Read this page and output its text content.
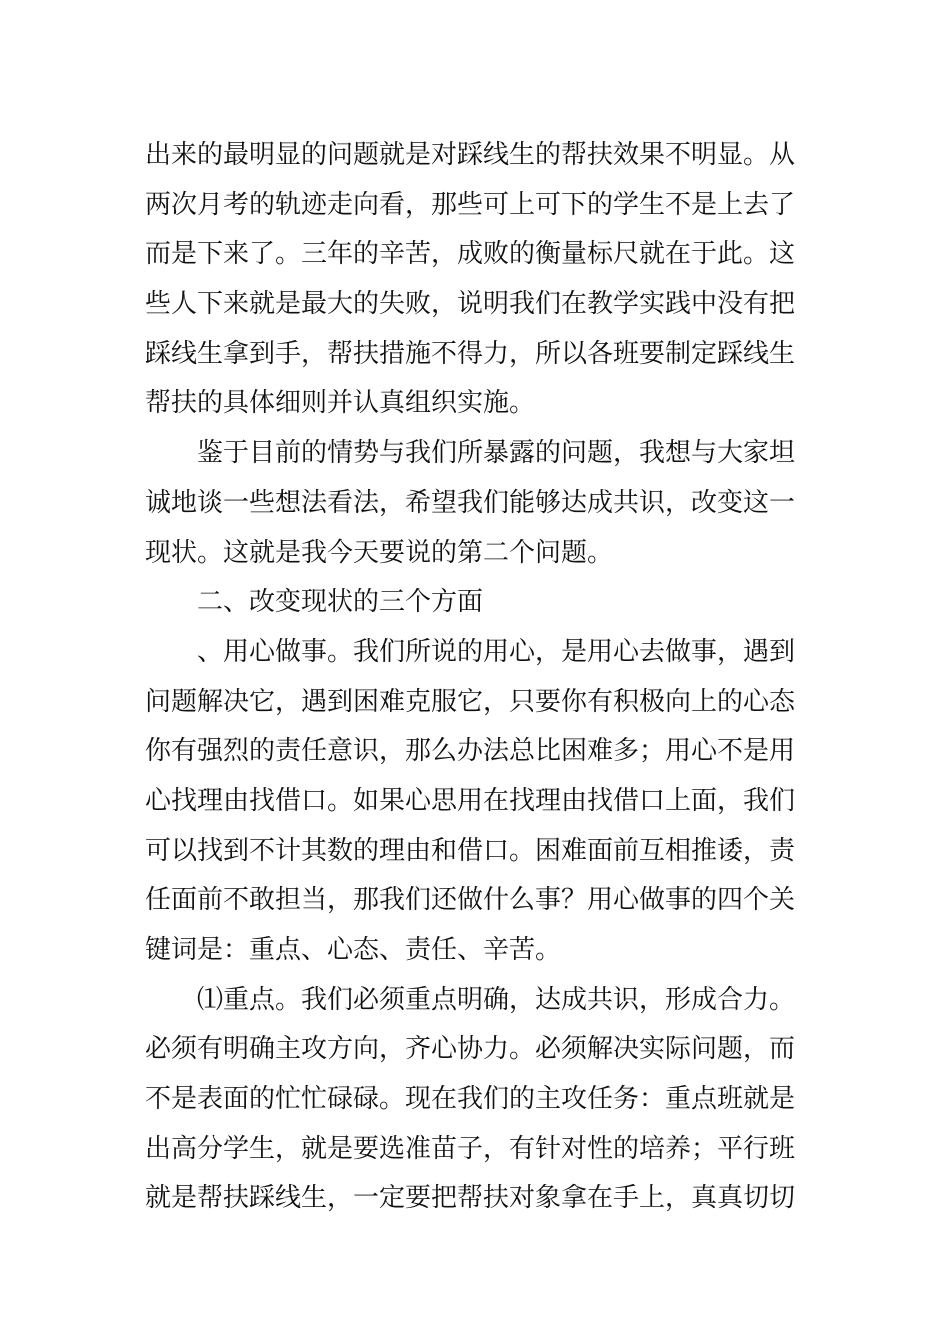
出来的最明显的问题就是对踩线生的帮扶效果不明显。从
两次月考的轨迹走向看，那些可上可下的学生不是上去了
而是下来了。三年的辛苦，成败的衡量标尺就在于此。这
些人下来就是最大的失败，说明我们在教学实践中没有把
踩线生拿到手，帮扶措施不得力，所以各班要制定踩线生
帮扶的具体细则并认真组织实施。
鉴于目前的情势与我们所暴露的问题，我想与大家坦
诚地谈一些想法看法，希望我们能够达成共识，改变这一
现状。这就是我今天要说的第二个问题。
二、改变现状的三个方面
、用心做事。我们所说的用心，是用心去做事，遇到
问题解决它，遇到困难克服它，只要你有积极向上的心态
你有强烈的责任意识，那么办法总比困难多；用心不是用
心找理由找借口。如果心思用在找理由找借口上面，我们
可以找到不计其数的理由和借口。困难面前互相推诿，责
任面前不敢担当，那我们还做什么事？用心做事的四个关
键词是：重点、心态、责任、辛苦。
⑴重点。我们必须重点明确，达成共识，形成合力。
必须有明确主攻方向，齐心协力。必须解决实际问题，而
不是表面的忙忙碌碌。现在我们的主攻任务：重点班就是
出高分学生，就是要选准苗子，有针对性的培养；平行班
就是帮扶踩线生，一定要把帮扶对象拿在手上，真真切切
